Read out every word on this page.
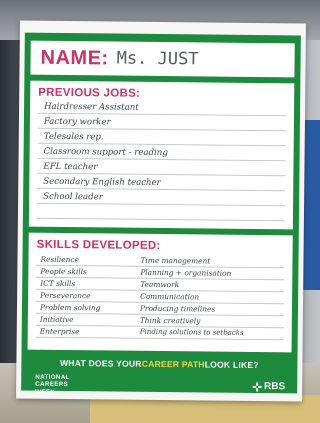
NAME: Ms. JUST
PREVIOUS JOBS:
Hairdresser Assistant
Factory worker
Telesales rep.
Classroom support - reading
EFL teacher
Secondary English teacher
School leader
SKILLS DEVELOPED:
Resilience
People skills
ICT skills
Perseverance
Problem solving
Initiative
Enterprise
Time management
Planning + organisation
Teamwork
Communication
Producing timelines
Think creatively
Finding solutions to setbacks
WHAT DOES YOUR CAREER PATH LOOK LIKE?
NATIONAL
CAREERS
WEEK	RBS
